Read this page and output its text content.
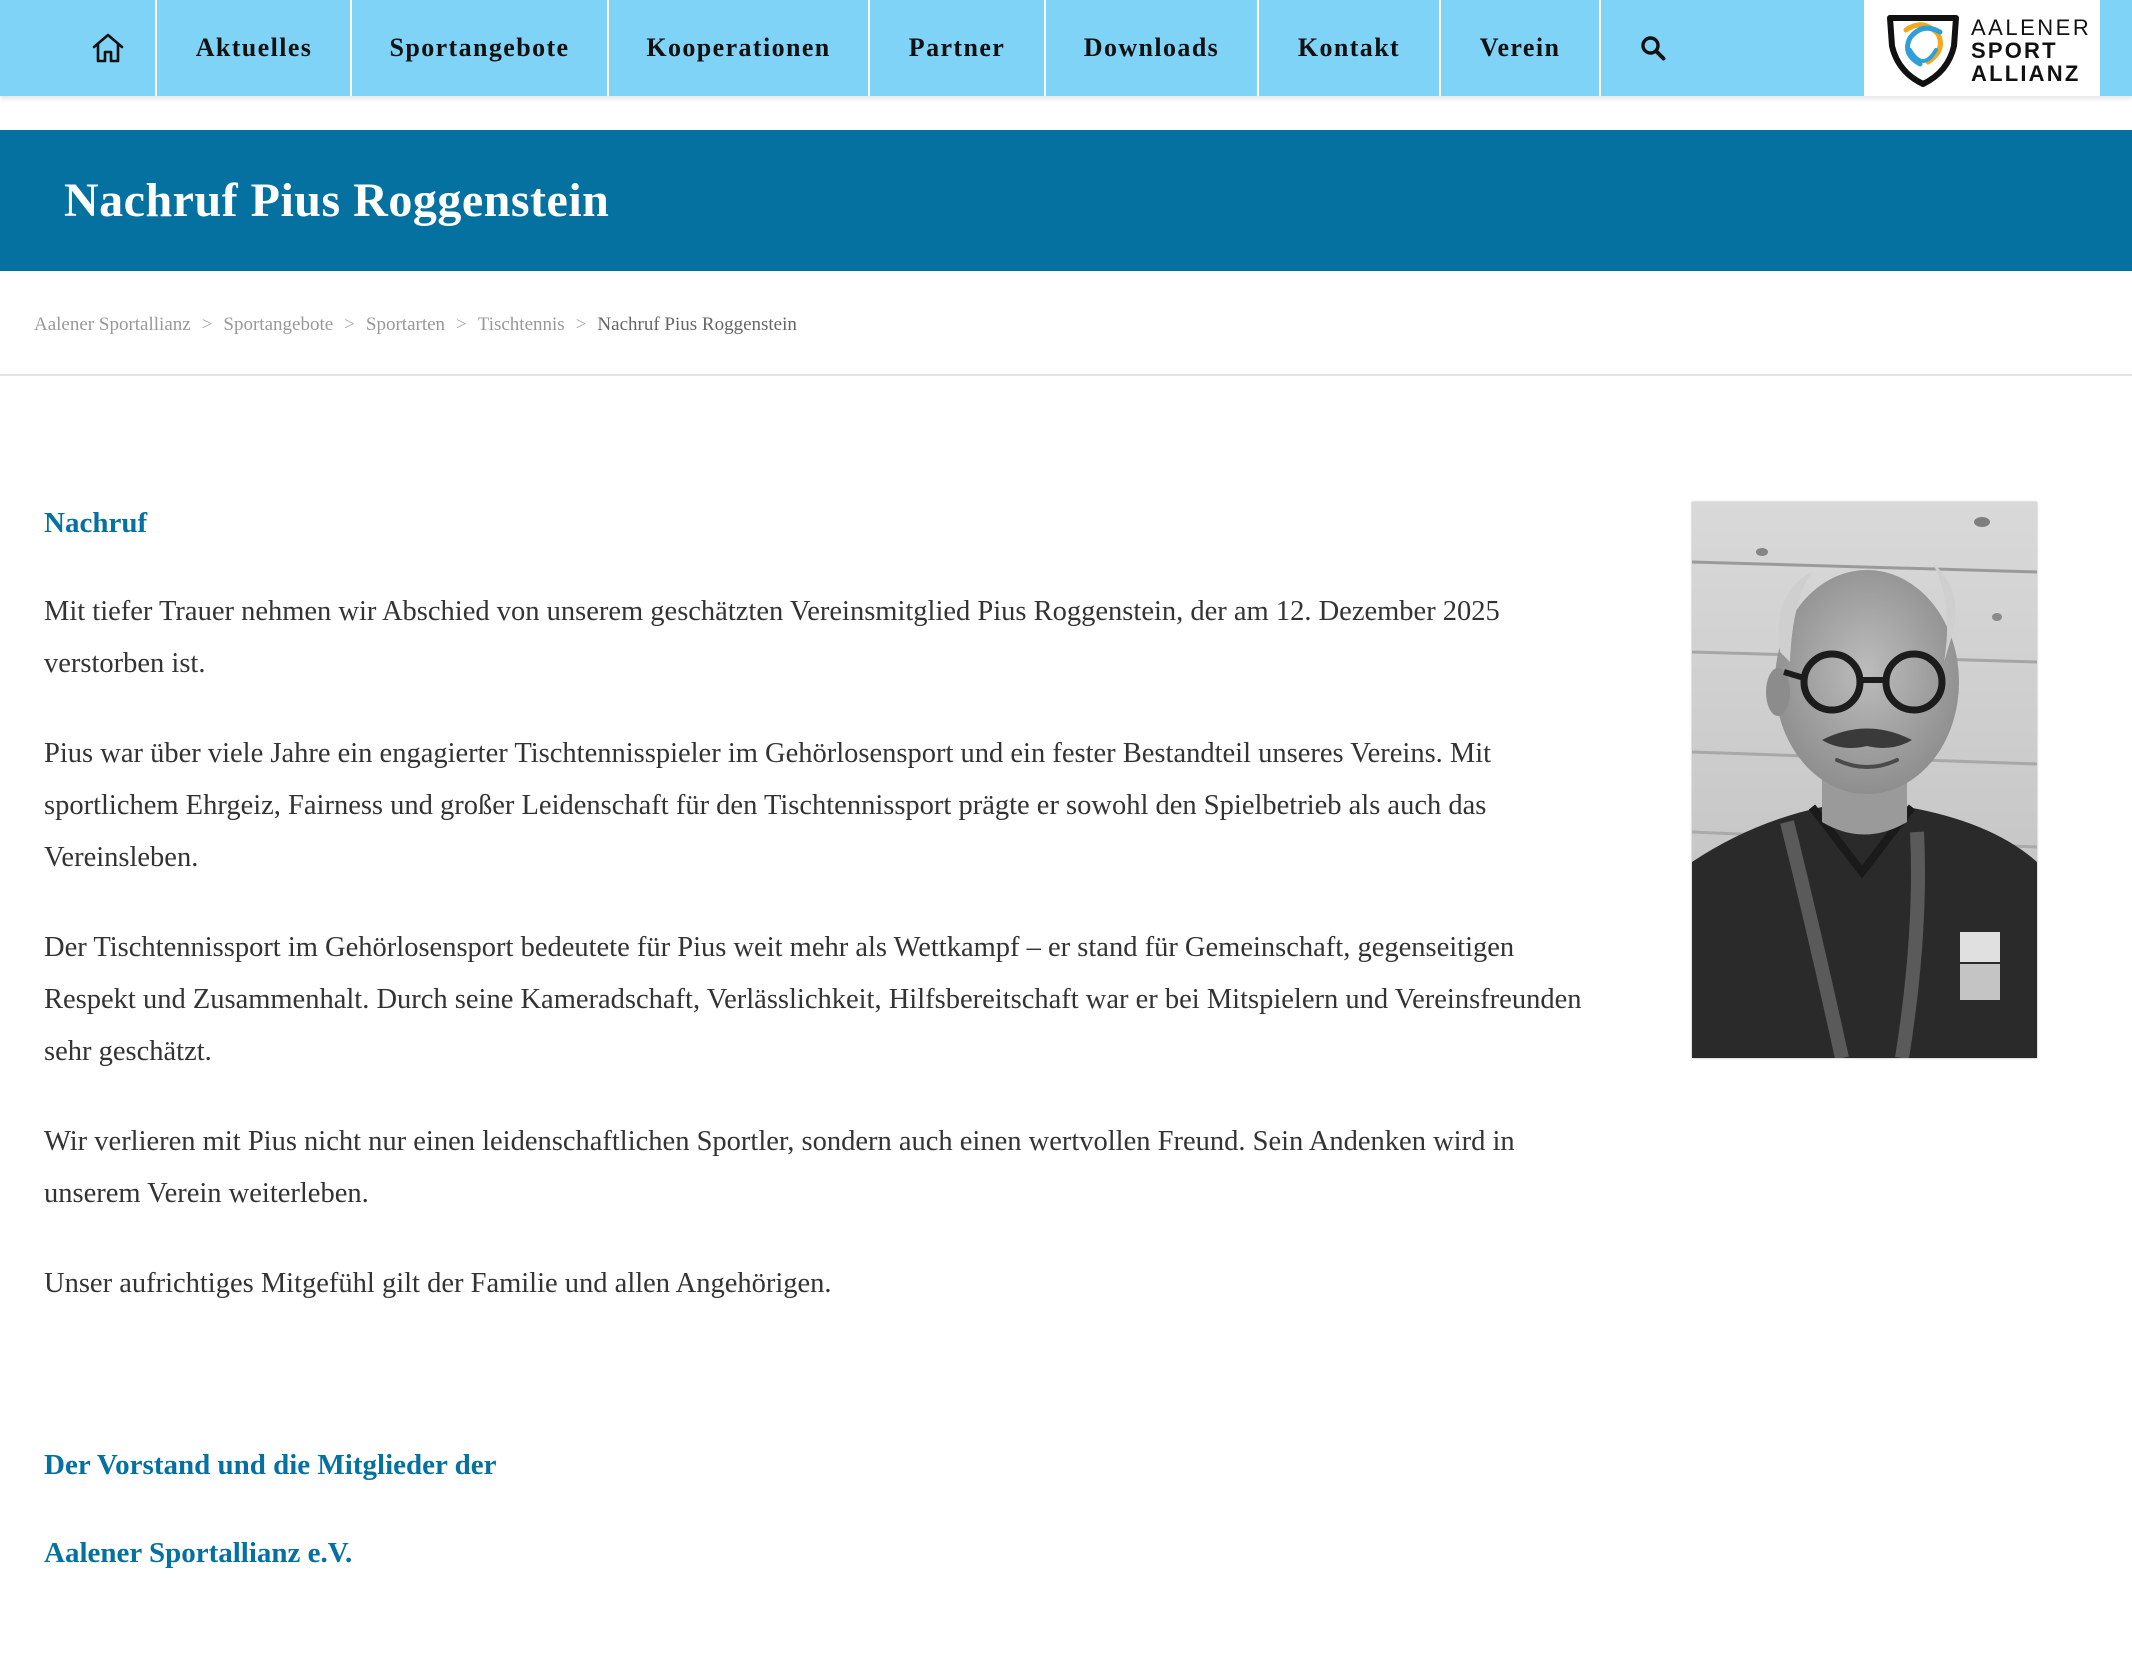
Aktuelles	Sportangebote	Kooperationen	Partner	Downloads	Kontakt	Verein
AALENER
SPORT
ALLIANZ
Nachruf Pius Roggenstein
Aalener Sportallianz > Sportangebote > Sportarten > Tischtennis > Nachruf Pius Roggenstein
Nachruf

Mit tiefer Trauer nehmen wir Abschied von unserem geschätzten Vereinsmitglied Pius Roggenstein, der am 12. Dezember 2025 verstorben ist.

Pius war über viele Jahre ein engagierter Tischtennisspieler im Gehörlosensport und ein fester Bestandteil unseres Vereins. Mit sportlichem Ehrgeiz, Fairness und großer Leidenschaft für den Tischtennissport prägte er sowohl den Spielbetrieb als auch das Vereinsleben.

Der Tischtennissport im Gehörlosensport bedeutete für Pius weit mehr als Wettkampf – er stand für Gemeinschaft, gegenseitigen Respekt und Zusammenhalt. Durch seine Kameradschaft, Verlässlichkeit, Hilfsbereitschaft war er bei Mitspielern und Vereinsfreunden sehr geschätzt.

Wir verlieren mit Pius nicht nur einen leidenschaftlichen Sportler, sondern auch einen wertvollen Freund. Sein Andenken wird in unserem Verein weiterleben.

Unser aufrichtiges Mitgefühl gilt der Familie und allen Angehörigen.

Der Vorstand und die Mitglieder der
Aalener Sportallianz e.V.
